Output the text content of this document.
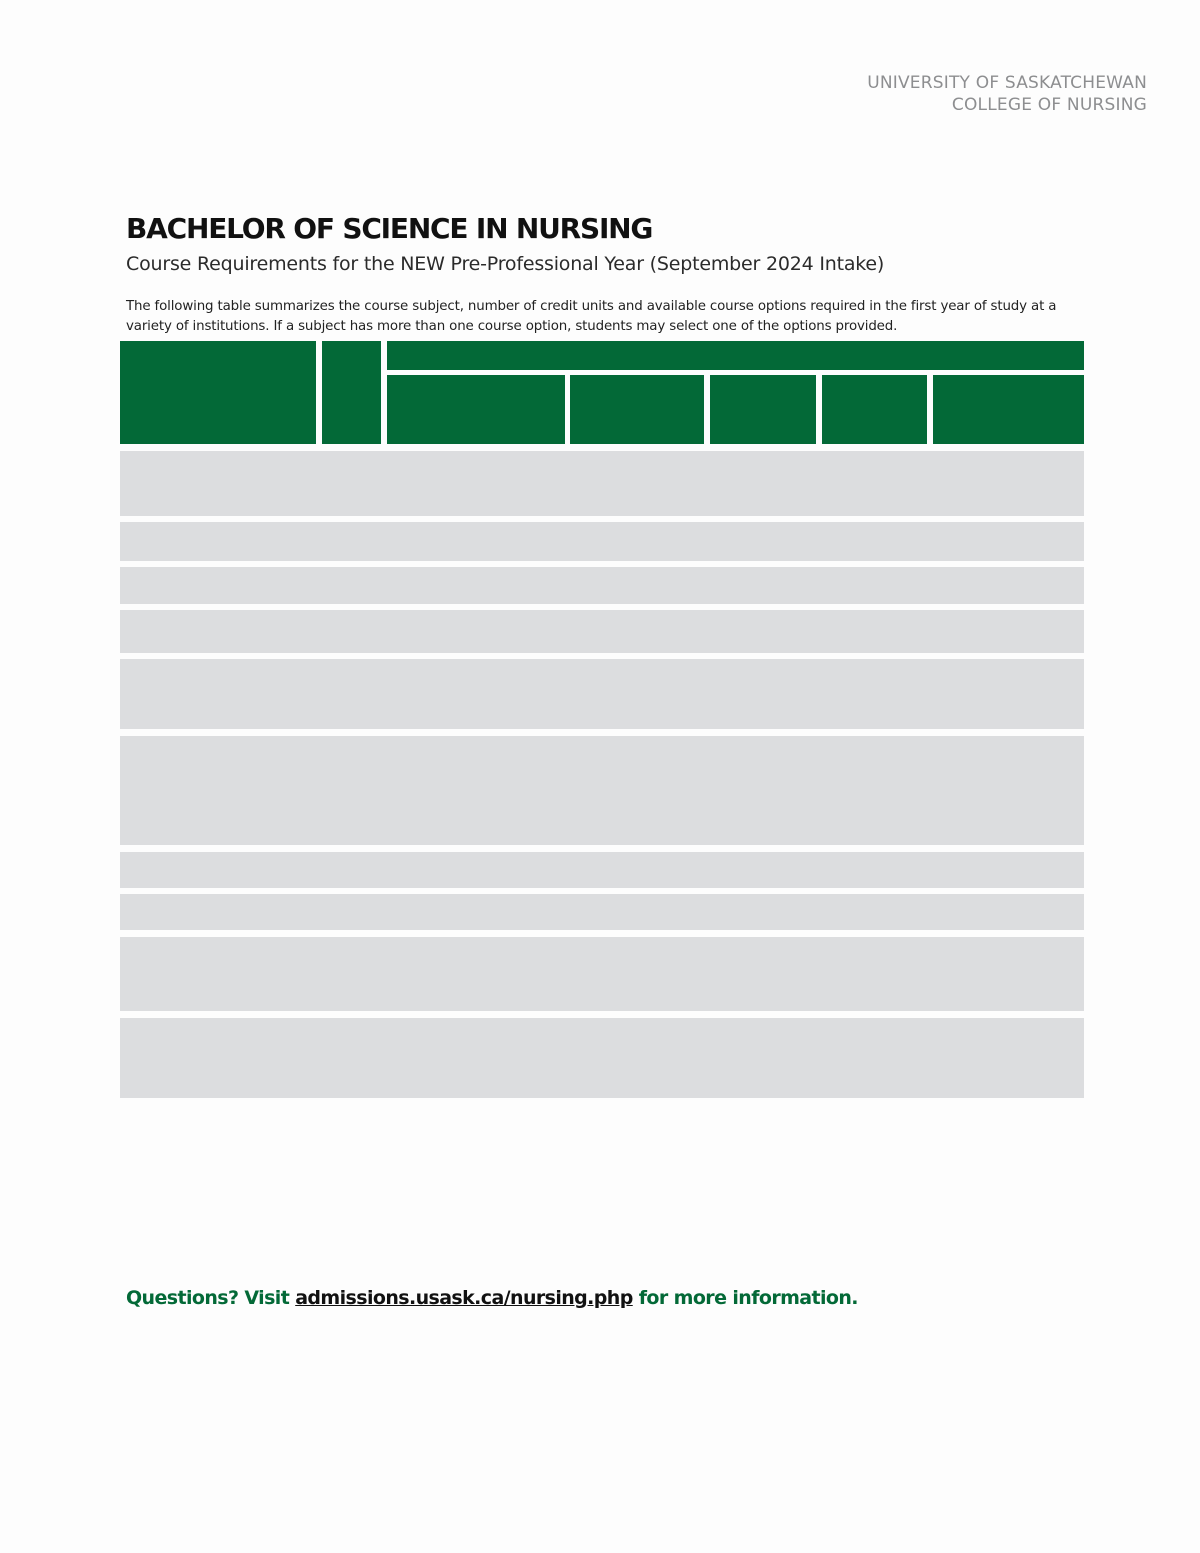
UNIVERSITY OF SASKATCHEWAN
COLLEGE OF NURSING
BACHELOR OF SCIENCE IN NURSING
Course Requirements for the NEW Pre-Professional Year (September 2024 Intake)

The following table summarizes the course subject, number of credit units and available course options required in the first year of study at a variety of institutions. If a subject has more than one course option, students may select one of the options provided.

Questions? Visit admissions.usask.ca/nursing.php for more information.
